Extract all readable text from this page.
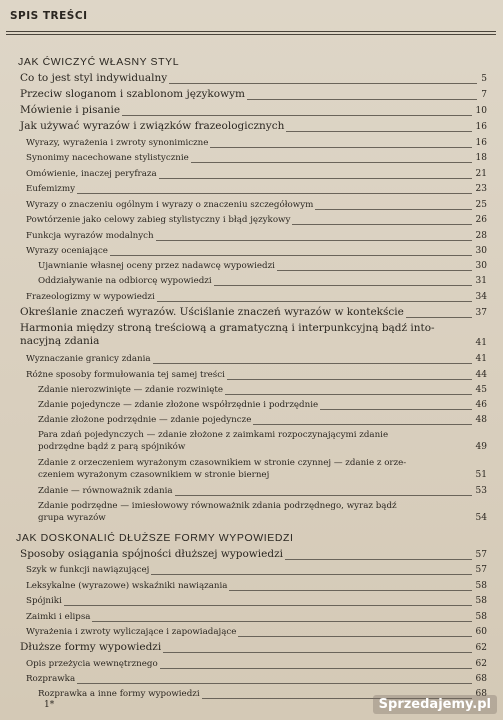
SPIS TREŚCI
JAK ĆWICZYĆ WŁASNY STYL
Co to jest styl indywidualny	5
Przeciw sloganom i szablonom językowym	7
Mówienie i pisanie	10
Jak używać wyrazów i związków frazeologicznych	16
Wyrazy, wyrażenia i zwroty synonimiczne	16
Synonimy nacechowane stylistycznie	18
Omówienie, inaczej peryfraza	21
Eufemizmy	23
Wyrazy o znaczeniu ogólnym i wyrazy o znaczeniu szczegółowym	25
Powtórzenie jako celowy zabieg stylistyczny i błąd językowy	26
Funkcja wyrazów modalnych	28
Wyrazy oceniające	30
Ujawnianie własnej oceny przez nadawcę wypowiedzi	30
Oddziaływanie na odbiorcę wypowiedzi	31
Frazeologizmy w wypowiedzi	34
Określanie znaczeń wyrazów. Uściślanie znaczeń wyrazów w kontekście	37
Harmonia między stroną treściową a gramatyczną i interpunkcyjną bądź into-
nacyjną zdania	41
Wyznaczanie granicy zdania	41
Różne sposoby formułowania tej samej treści	44
Zdanie nierozwinięte — zdanie rozwinięte	45
Zdanie pojedyncze — zdanie złożone współrzędnie i podrzędnie	46
Zdanie złożone podrzędnie — zdanie pojedyncze	48
Para zdań pojedynczych — zdanie złożone z zaimkami rozpoczynającymi zdanie
podrzędne bądź z parą spójników	49
Zdanie z orzeczeniem wyrażonym czasownikiem w stronie czynnej — zdanie z orze-
czeniem wyrażonym czasownikiem w stronie biernej	51
Zdanie — równoważnik zdania	53
Zdanie podrzędne — imiesłowowy równoważnik zdania podrzędnego, wyraz bądź
grupa wyrazów	54
JAK DOSKONALIĆ DŁUŻSZE FORMY WYPOWIEDZI
Sposoby osiągania spójności dłuższej wypowiedzi	57
Szyk w funkcji nawiązującej	57
Leksykalne (wyrazowe) wskaźniki nawiązania	58
Spójniki	58
Zaimki i elipsa	58
Wyrażenia i zwroty wyliczające i zapowiadające	60
Dłuższe formy wypowiedzi	62
Opis przeżycia wewnętrznego	62
Rozprawka	68
Rozprawka a inne formy wypowiedzi	68
1*	Sprzedajemy.pl
